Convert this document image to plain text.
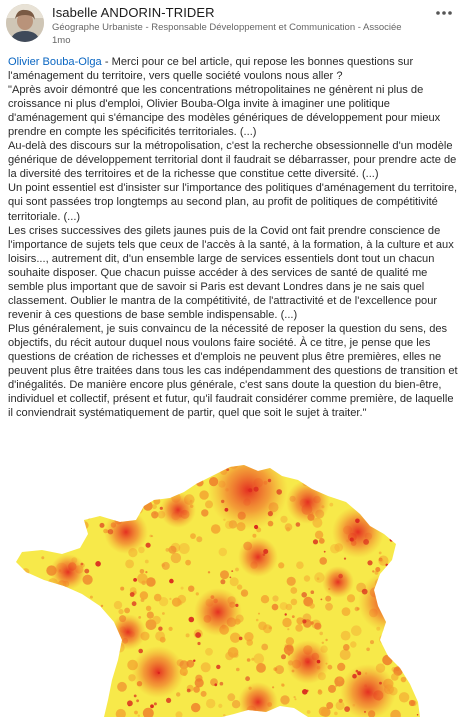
Isabelle ANDORIN-TRIDER
Géographe Urbaniste - Responsable Développement et Communication - Associée
1mo

Olivier Bouba-Olga - Merci pour ce bel article, qui repose les bonnes questions sur l'aménagement du territoire, vers quelle société voulons nous aller ?

"Après avoir démontré que les concentrations métropolitaines ne génèrent ni plus de croissance ni plus d'emploi, Olivier Bouba-Olga invite à imaginer une politique d'aménagement qui s'émancipe des modèles génériques de développement pour mieux prendre en compte les spécificités territoriales. (...)

Au-delà des discours sur la métropolisation, c'est la recherche obsessionnelle d'un modèle générique de développement territorial dont il faudrait se débarrasser, pour prendre acte de la diversité des territoires et de la richesse que constitue cette diversité. (...)

Un point essentiel est d'insister sur l'importance des politiques d'aménagement du territoire, qui sont passées trop longtemps au second plan, au profit de politiques de compétitivité territoriale. (...)

Les crises successives des gilets jaunes puis de la Covid ont fait prendre conscience de l'importance de sujets tels que ceux de l'accès à la santé, à la formation, à la culture et aux loisirs..., autrement dit, d'un ensemble large de services essentiels dont tout un chacun souhaite disposer. Que chacun puisse accéder à des services de santé de qualité me semble plus important que de savoir si Paris est devant Londres dans je ne sais quel classement. Oublier le mantra de la compétitivité, de l'attractivité et de l'excellence pour revenir à ces questions de base semble indispensable. (...)

Plus généralement, je suis convaincu de la nécessité de reposer la question du sens, des objectifs, du récit autour duquel nous voulons faire société. À ce titre, je pense que les questions de création de richesses et d'emplois ne peuvent plus être premières, elles ne peuvent plus être traitées dans tous les cas indépendamment des questions de transition et d'inégalités. De manière encore plus générale, c'est sans doute la question du bien-être, individuel et collectif, présent et futur, qu'il faudrait considérer comme première, de laquelle il conviendrait systématiquement de partir, quel que soit le sujet à traiter."
